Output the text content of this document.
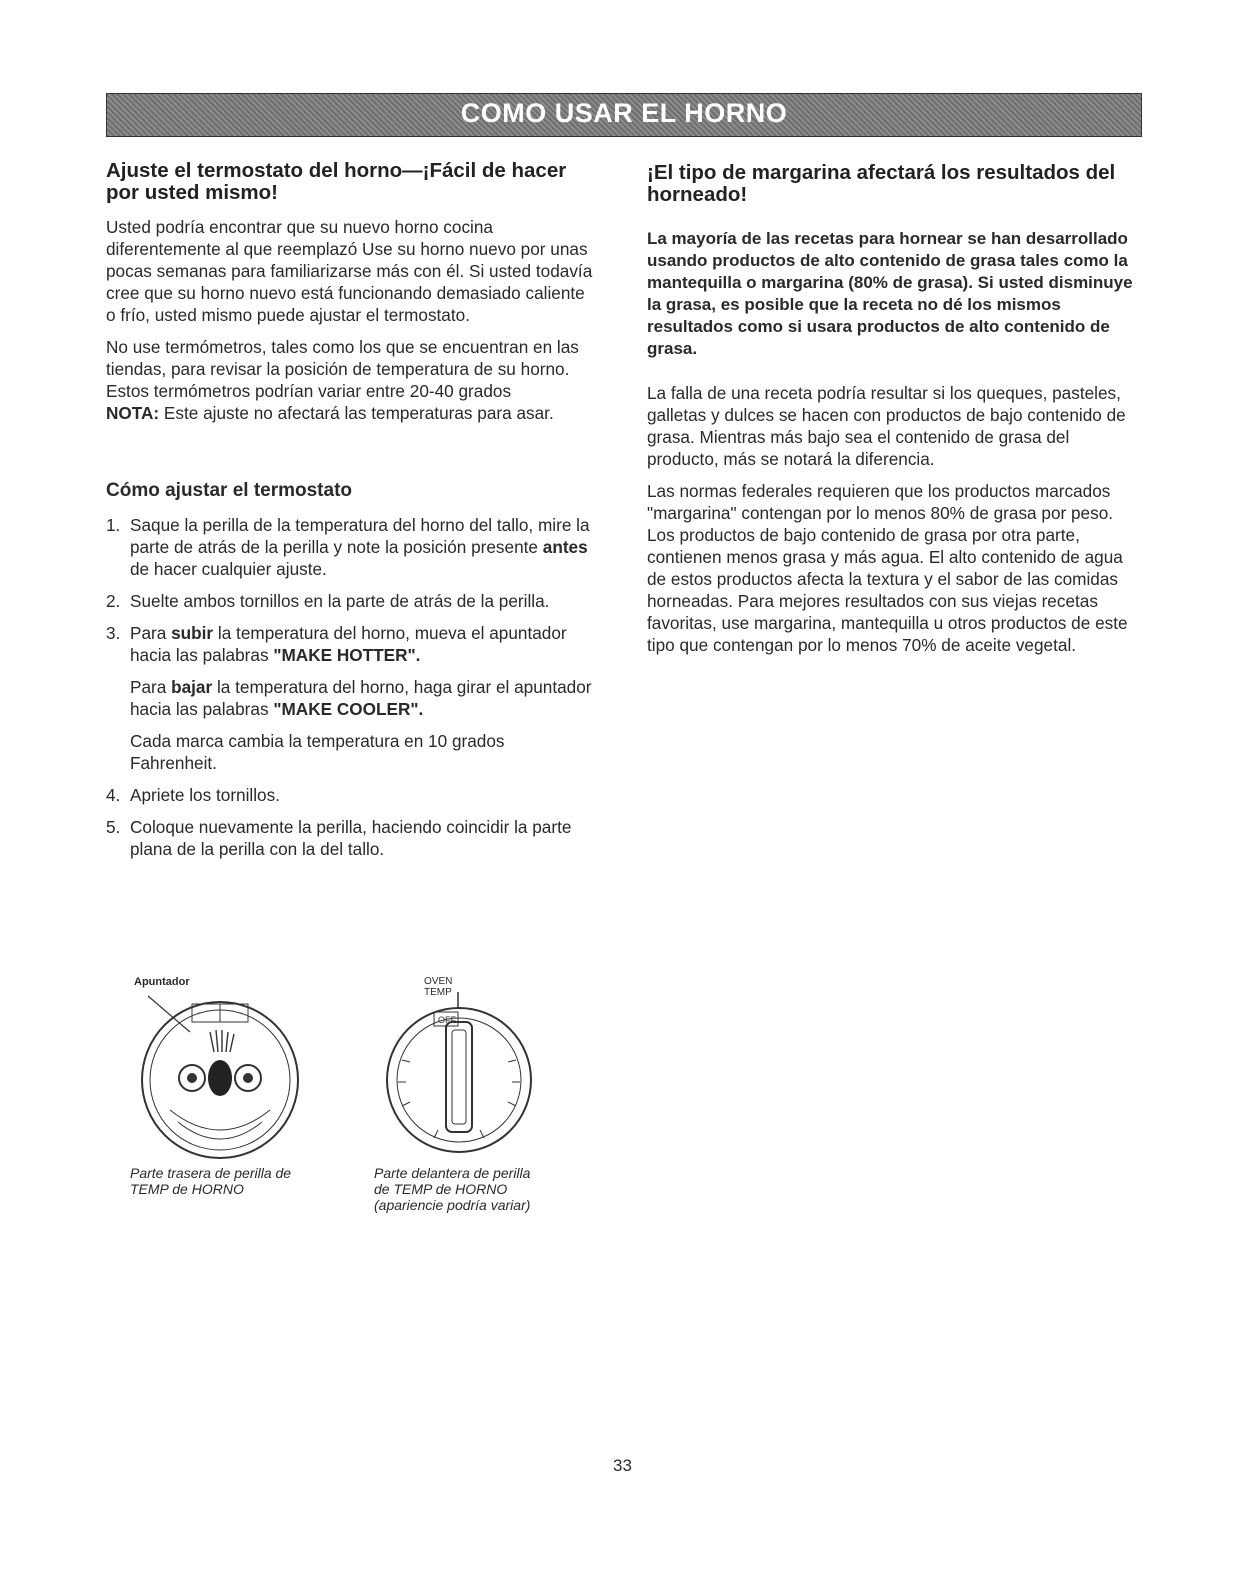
COMO USAR EL HORNO
Ajuste el termostato del horno—¡Fácil de hacer por usted mismo!

Usted podría encontrar que su nuevo horno cocina diferentemente al que reemplazó Use su horno nuevo por unas pocas semanas para familiarizarse más con él. Si usted todavía cree que su horno nuevo está funcionando demasiado caliente o frío, usted mismo puede ajustar el termostato.

No use termómetros, tales como los que se encuentran en las tiendas, para revisar la posición de temperatura de su horno. Estos termómetros podrían variar entre 20-40 grados

NOTA: Este ajuste no afectará las temperaturas para asar.

Cómo ajustar el termostato
1. Saque la perilla de la temperatura del horno del tallo, mire la parte de atrás de la perilla y note la posición presente antes de hacer cualquier ajuste.
2. Suelte ambos tornillos en la parte de atrás de la perilla.
3. Para subir la temperatura del horno, mueva el apuntador hacia las palabras "MAKE HOTTER".

Para bajar la temperatura del horno, haga girar el apuntador hacia las palabras "MAKE COOLER".

Cada marca cambia la temperatura en 10 grados Fahrenheit.

4. Apriete los tornillos.
5. Coloque nuevamente la perilla, haciendo coincidir la parte plana de la perilla con la del tallo.
Apuntador
Parte trasera de perilla de
TEMP de HORNO
OVEN TEMP
OFF
Parte delantera de perilla
de TEMP de HORNO
(apariencie podría variar)
¡El tipo de margarina afectará los resultados del horneado!

La mayoría de las recetas para hornear se han desarrollado usando productos de alto contenido de grasa tales como la mantequilla o margarina (80% de grasa). Si usted disminuye la grasa, es posible que la receta no dé los mismos resultados como si usara productos de alto contenido de grasa.

La falla de una receta podría resultar si los queques, pasteles, galletas y dulces se hacen con productos de bajo contenido de grasa. Mientras más bajo sea el contenido de grasa del producto, más se notará la diferencia.

Las normas federales requieren que los productos marcados "margarina" contengan por lo menos 80% de grasa por peso. Los productos de bajo contenido de grasa por otra parte, contienen menos grasa y más agua. El alto contenido de agua de estos productos afecta la textura y el sabor de las comidas horneadas. Para mejores resultados con sus viejas recetas favoritas, use margarina, mantequilla u otros productos de este tipo que contengan por lo menos 70% de aceite vegetal.

33
